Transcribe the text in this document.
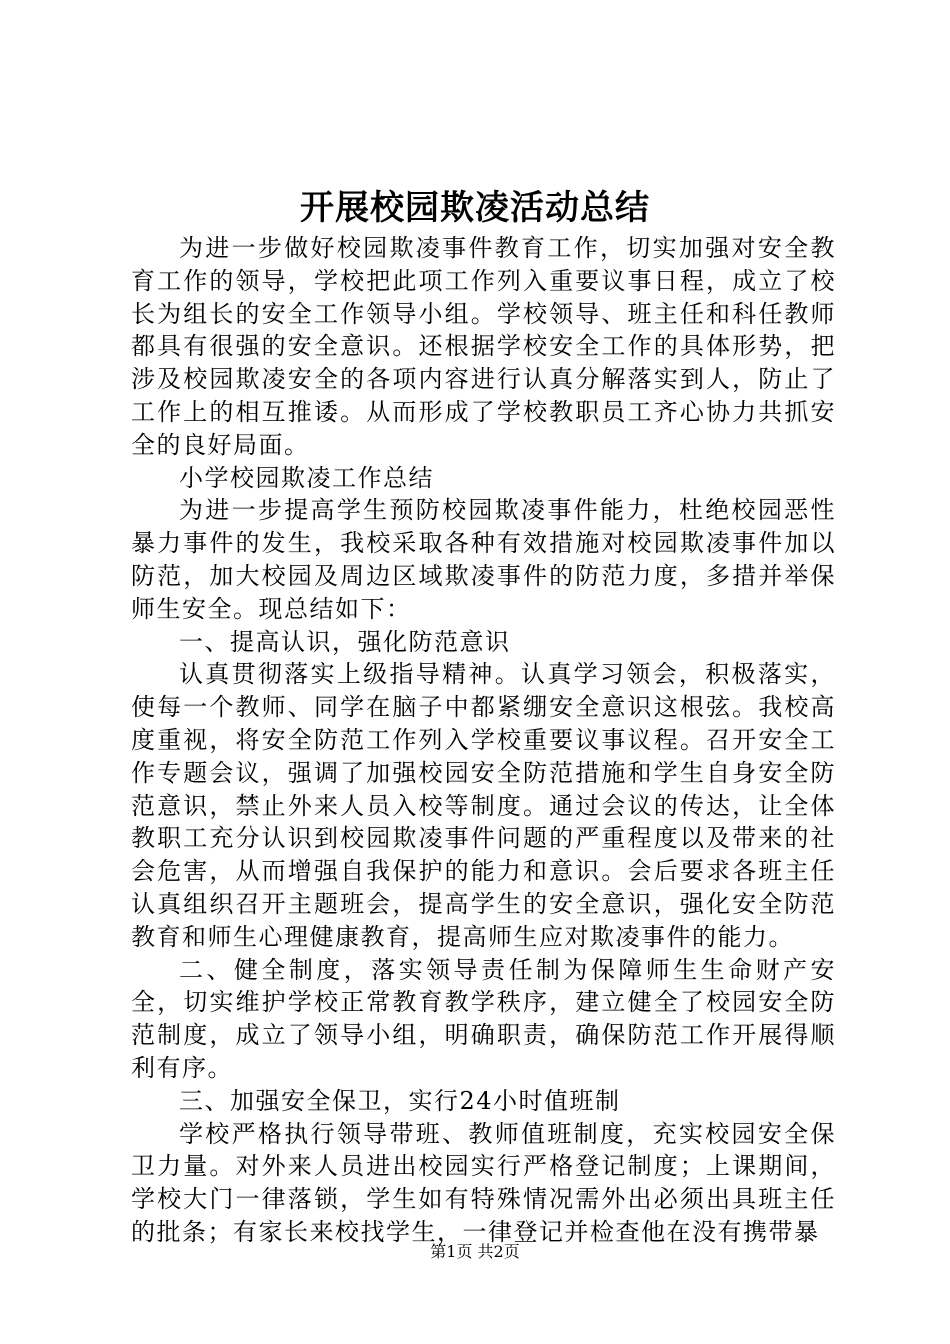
开展校园欺凌活动总结

为进一步做好校园欺凌事件教育工作，切实加强对安全教育工作的领导，学校把此项工作列入重要议事日程，成立了校长为组长的安全工作领导小组。学校领导、班主任和科任教师都具有很强的安全意识。还根据学校安全工作的具体形势，把涉及校园欺凌安全的各项内容进行认真分解落实到人，防止了工作上的相互推诿。从而形成了学校教职员工齐心协力共抓安全的良好局面。

小学校园欺凌工作总结

为进一步提高学生预防校园欺凌事件能力，杜绝校园恶性暴力事件的发生，我校采取各种有效措施对校园欺凌事件加以防范，加大校园及周边区域欺凌事件的防范力度，多措并举保师生安全。现总结如下：

一、提高认识，强化防范意识

认真贯彻落实上级指导精神。认真学习领会，积极落实，使每一个教师、同学在脑子中都紧绷安全意识这根弦。我校高度重视，将安全防范工作列入学校重要议事议程。召开安全工作专题会议，强调了加强校园安全防范措施和学生自身安全防范意识，禁止外来人员入校等制度。通过会议的传达，让全体教职工充分认识到校园欺凌事件问题的严重程度以及带来的社会危害，从而增强自我保护的能力和意识。会后要求各班主任认真组织召开主题班会，提高学生的安全意识，强化安全防范教育和师生心理健康教育，提高师生应对欺凌事件的能力。

二、健全制度，落实领导责任制为保障师生生命财产安全，切实维护学校正常教育教学秩序，建立健全了校园安全防范制度，成立了领导小组，明确职责，确保防范工作开展得顺利有序。

三、加强安全保卫，实行24小时值班制

学校严格执行领导带班、教师值班制度，充实校园安全保卫力量。对外来人员进出校园实行严格登记制度；上课期间，学校大门一律落锁，学生如有特殊情况需外出必须出具班主任的批条；有家长来校找学生，一律登记并检查他在没有携带暴

第1页 共2页
